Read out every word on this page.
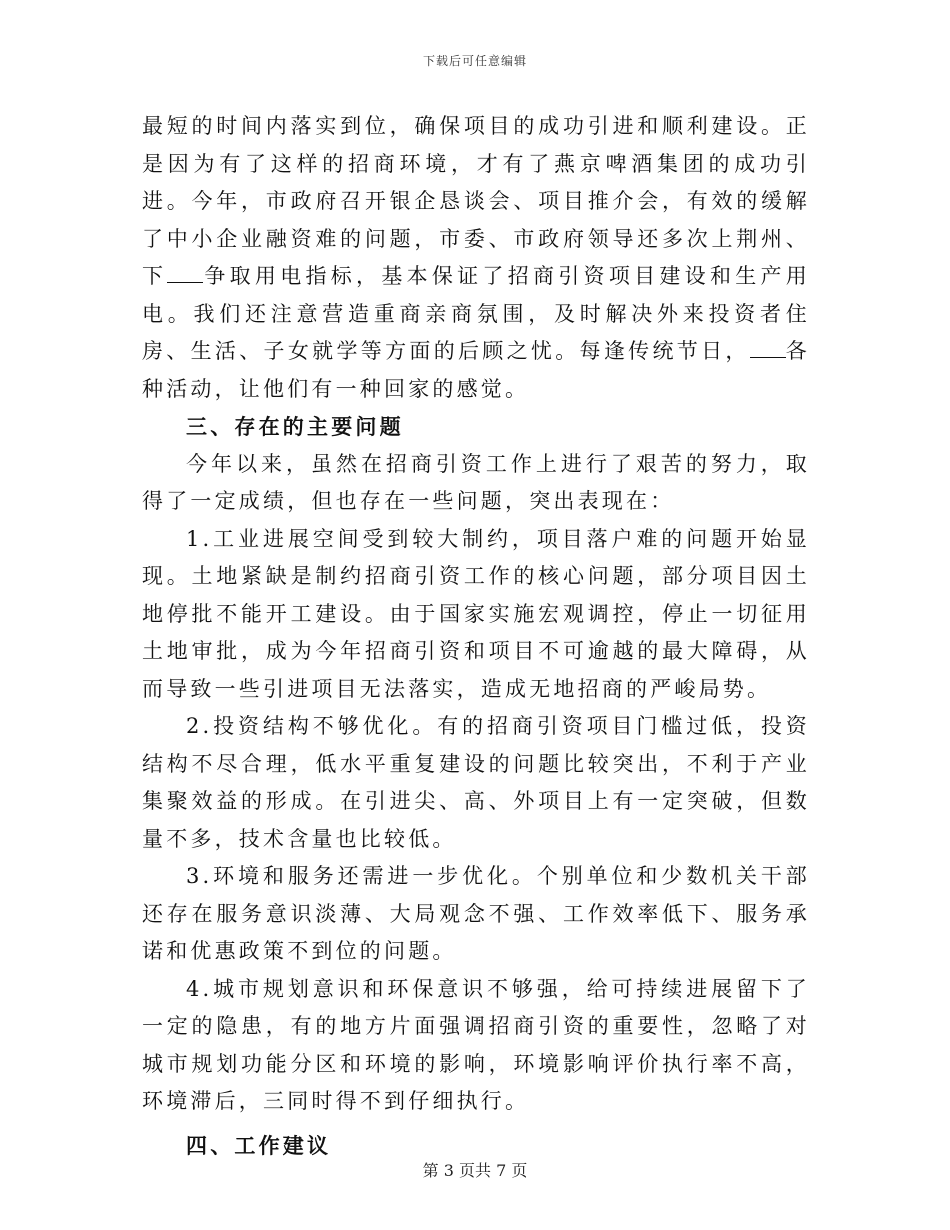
下载后可任意编辑

最短的时间内落实到位，确保项目的成功引进和顺利建设。正是因为有了这样的招商环境，才有了燕京啤酒集团的成功引进。今年，市政府召开银企恳谈会、项目推介会，有效的缓解了中小企业融资难的问题，市委、市政府领导还多次上荆州、下 争取用电指标，基本保证了招商引资项目建设和生产用电。我们还注意营造重商亲商氛围，及时解决外来投资者住房、生活、子女就学等方面的后顾之忧。每逢传统节日， 各种活动，让他们有一种回家的感觉。

三、存在的主要问题

今年以来，虽然在招商引资工作上进行了艰苦的努力，取得了一定成绩，但也存在一些问题，突出表现在：

1.工业进展空间受到较大制约，项目落户难的问题开始显现。土地紧缺是制约招商引资工作的核心问题，部分项目因土地停批不能开工建设。由于国家实施宏观调控，停止一切征用土地审批，成为今年招商引资和项目不可逾越的最大障碍，从而导致一些引进项目无法落实，造成无地招商的严峻局势。

2.投资结构不够优化。有的招商引资项目门槛过低，投资结构不尽合理，低水平重复建设的问题比较突出，不利于产业集聚效益的形成。在引进尖、高、外项目上有一定突破，但数量不多，技术含量也比较低。

3.环境和服务还需进一步优化。个别单位和少数机关干部还存在服务意识淡薄、大局观念不强、工作效率低下、服务承诺和优惠政策不到位的问题。

4.城市规划意识和环保意识不够强，给可持续进展留下了一定的隐患，有的地方片面强调招商引资的重要性，忽略了对城市规划功能分区和环境的影响，环境影响评价执行率不高，环境滞后，三同时得不到仔细执行。

四、工作建议

第 3 页共 7 页
